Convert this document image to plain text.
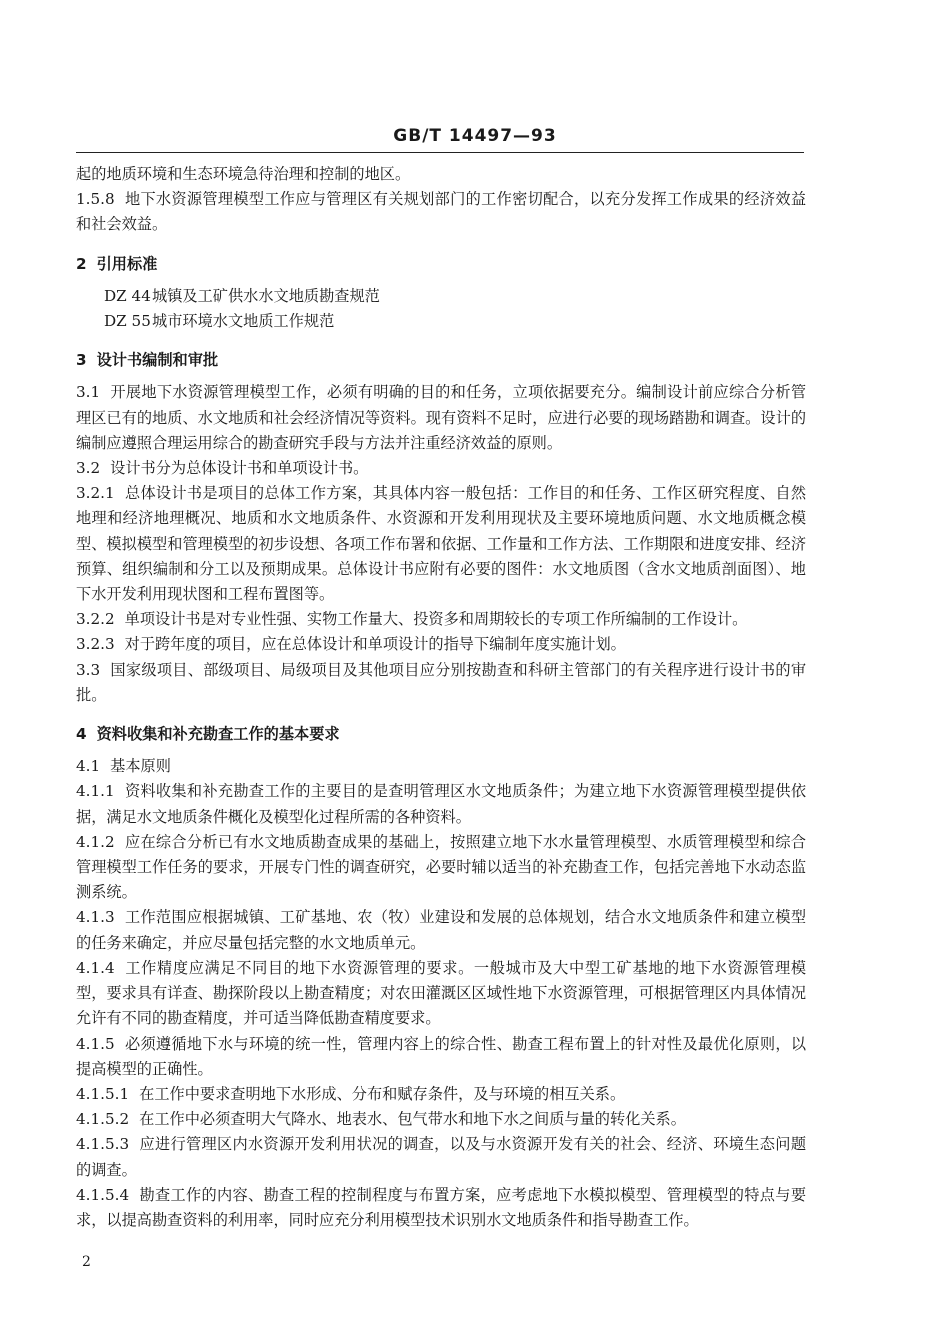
GB/T 14497—93

起的地质环境和生态环境急待治理和控制的地区。

1.5.8 地下水资源管理模型工作应与管理区有关规划部门的工作密切配合，以充分发挥工作成果的经济效益和社会效益。

2 引用标准

DZ 44城镇及工矿供水水文地质勘查规范

DZ 55城市环境水文地质工作规范

3 设计书编制和审批

3.1 开展地下水资源管理模型工作，必须有明确的目的和任务，立项依据要充分。编制设计前应综合分析管理区已有的地质、水文地质和社会经济情况等资料。现有资料不足时，应进行必要的现场踏勘和调查。设计的编制应遵照合理运用综合的勘查研究手段与方法并注重经济效益的原则。

3.2 设计书分为总体设计书和单项设计书。

3.2.1 总体设计书是项目的总体工作方案，其具体内容一般包括：工作目的和任务、工作区研究程度、自然地理和经济地理概况、地质和水文地质条件、水资源和开发利用现状及主要环境地质问题、水文地质概念模型、模拟模型和管理模型的初步设想、各项工作布署和依据、工作量和工作方法、工作期限和进度安排、经济预算、组织编制和分工以及预期成果。总体设计书应附有必要的图件：水文地质图（含水文地质剖面图）、地下水开发利用现状图和工程布置图等。

3.2.2 单项设计书是对专业性强、实物工作量大、投资多和周期较长的专项工作所编制的工作设计。

3.2.3 对于跨年度的项目，应在总体设计和单项设计的指导下编制年度实施计划。

3.3 国家级项目、部级项目、局级项目及其他项目应分别按勘查和科研主管部门的有关程序进行设计书的审批。

4 资料收集和补充勘查工作的基本要求

4.1 基本原则

4.1.1 资料收集和补充勘查工作的主要目的是查明管理区水文地质条件；为建立地下水资源管理模型提供依据，满足水文地质条件概化及模型化过程所需的各种资料。

4.1.2 应在综合分析已有水文地质勘查成果的基础上，按照建立地下水水量管理模型、水质管理模型和综合管理模型工作任务的要求，开展专门性的调查研究，必要时辅以适当的补充勘查工作，包括完善地下水动态监测系统。

4.1.3 工作范围应根据城镇、工矿基地、农（牧）业建设和发展的总体规划，结合水文地质条件和建立模型的任务来确定，并应尽量包括完整的水文地质单元。

4.1.4 工作精度应满足不同目的地下水资源管理的要求。一般城市及大中型工矿基地的地下水资源管理模型，要求具有详查、勘探阶段以上勘查精度；对农田灌溉区区域性地下水资源管理，可根据管理区内具体情况允许有不同的勘查精度，并可适当降低勘查精度要求。

4.1.5 必须遵循地下水与环境的统一性，管理内容上的综合性、勘查工程布置上的针对性及最优化原则，以提高模型的正确性。

4.1.5.1 在工作中要求查明地下水形成、分布和赋存条件，及与环境的相互关系。

4.1.5.2 在工作中必须查明大气降水、地表水、包气带水和地下水之间质与量的转化关系。

4.1.5.3 应进行管理区内水资源开发利用状况的调查，以及与水资源开发有关的社会、经济、环境生态问题的调查。

4.1.5.4 勘查工作的内容、勘查工程的控制程度与布置方案，应考虑地下水模拟模型、管理模型的特点与要求，以提高勘查资料的利用率，同时应充分利用模型技术识别水文地质条件和指导勘查工作。

2
